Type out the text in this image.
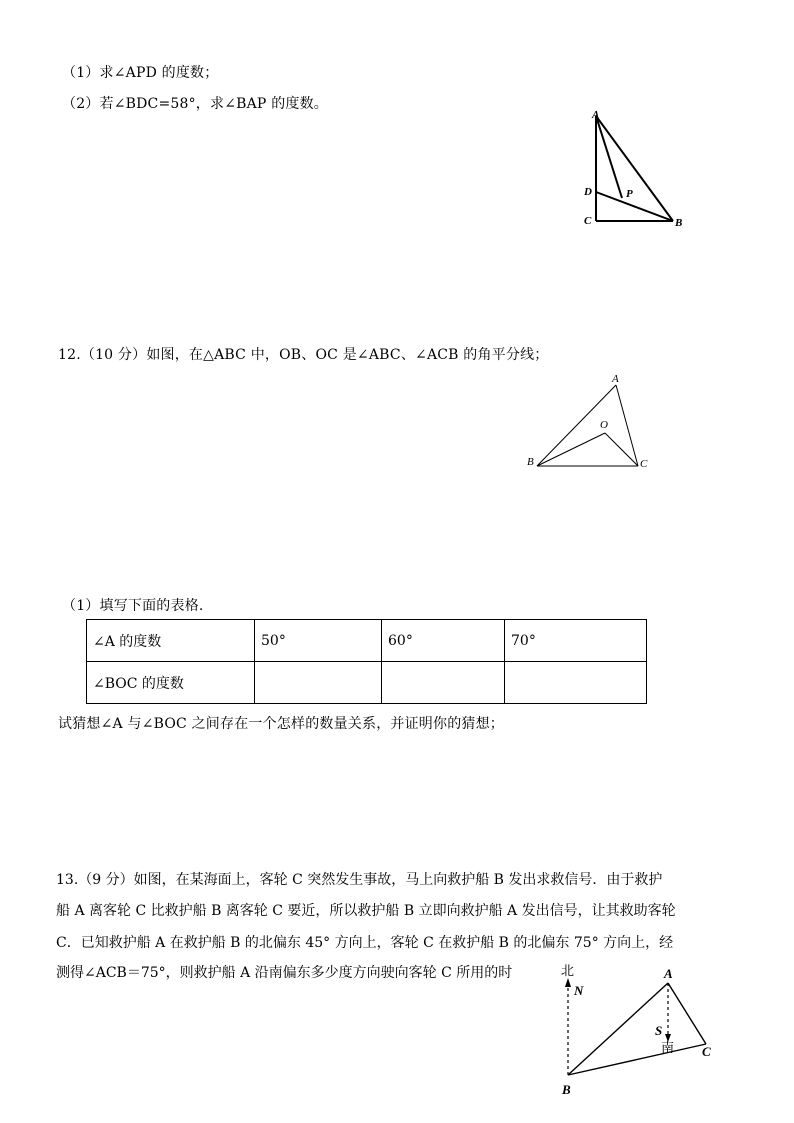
（1）求∠APD 的度数；
（2）若∠BDC=58°，求∠BAP 的度数。
A
D	P
C	B
12.（10 分）如图，在△ABC 中，OB、OC 是∠ABC、∠ACB 的角平分线；
A
O
B	C
（1）填写下面的表格.
∠A 的度数	50°	60°	70°
∠BOC 的度数			
试猜想∠A 与∠BOC 之间存在一个怎样的数量关系，并证明你的猜想；
13.（9 分）如图，在某海面上，客轮 C 突然发生事故，马上向救护船 B 发出求救信号．由于救护
船 A 离客轮 C 比救护船 B 离客轮 C 要近，所以救护船 B 立即向救护船 A 发出信号，让其救助客轮
C．已知救护船 A 在救护船 B 的北偏东 45° 方向上，客轮 C 在救护船 B 的北偏东 75° 方向上，经
测得∠ACB＝75°，则救护船 A 沿南偏东多少度方向驶向客轮 C 所用的时	北
N
A
S
南 C
B
